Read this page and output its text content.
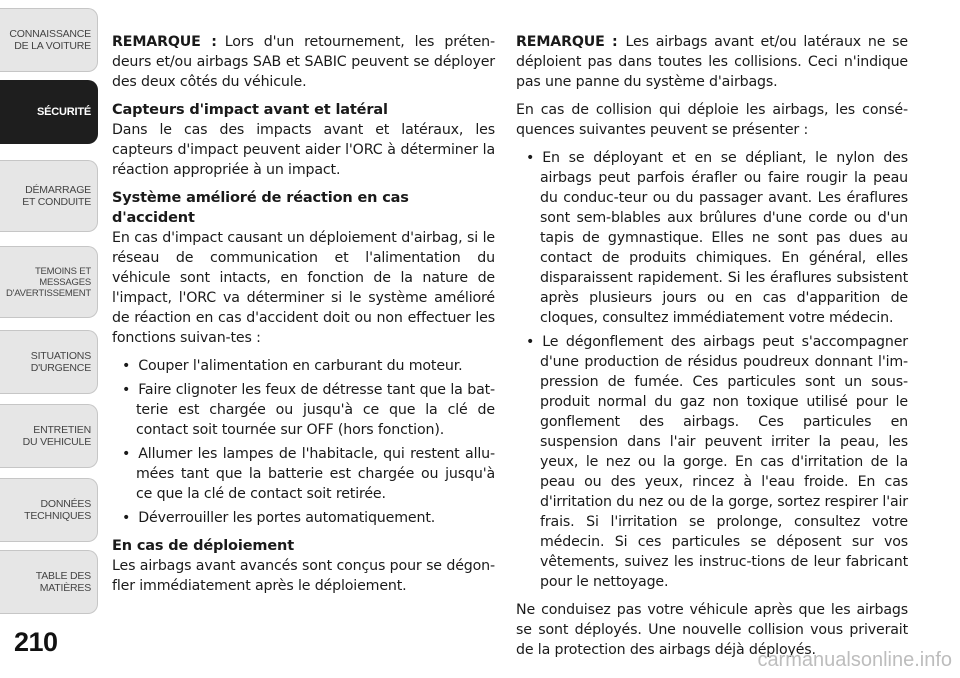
CONNAISSANCE
DE LA VOITURE
SÉCURITÉ
DÉMARRAGE
ET CONDUITE
TEMOINS ET
MESSAGES
D'AVERTISSEMENT
SITUATIONS
D'URGENCE
ENTRETIEN
DU VEHICULE
DONNÉES
TECHNIQUES
TABLE DES
MATIÈRES
210

REMARQUE : Lors d'un retournement, les préten-deurs et/ou airbags SAB et SABIC peuvent se déployer des deux côtés du véhicule.

Capteurs d'impact avant et latéral

Dans le cas des impacts avant et latéraux, les capteurs d'impact peuvent aider l'ORC à déterminer la réaction appropriée à un impact.

Système amélioré de réaction en cas d'accident

En cas d'impact causant un déploiement d'airbag, si le réseau de communication et l'alimentation du véhicule sont intacts, en fonction de la nature de l'impact, l'ORC va déterminer si le système amélioré de réaction en cas d'accident doit ou non effectuer les fonctions suivan-tes :

• Couper l'alimentation en carburant du moteur.
• Faire clignoter les feux de détresse tant que la bat-terie est chargée ou jusqu'à ce que la clé de contact soit tournée sur OFF (hors fonction).
• Allumer les lampes de l'habitacle, qui restent allu-mées tant que la batterie est chargée ou jusqu'à ce que la clé de contact soit retirée.
• Déverrouiller les portes automatiquement.
En cas de déploiement

Les airbags avant avancés sont conçus pour se dégon-fler immédiatement après le déploiement.

REMARQUE : Les airbags avant et/ou latéraux ne se déploient pas dans toutes les collisions. Ceci n'indique pas une panne du système d'airbags.

En cas de collision qui déploie les airbags, les consé-quences suivantes peuvent se présenter :

• En se déployant et en se dépliant, le nylon des airbags peut parfois érafler ou faire rougir la peau du conduc-teur ou du passager avant. Les éraflures sont sem-blables aux brûlures d'une corde ou d'un tapis de gymnastique. Elles ne sont pas dues au contact de produits chimiques. En général, elles disparaissent rapidement. Si les éraflures subsistent après plusieurs jours ou en cas d'apparition de cloques, consultez immédiatement votre médecin.
• Le dégonflement des airbags peut s'accompagner d'une production de résidus poudreux donnant l'im-pression de fumée. Ces particules sont un sous-produit normal du gaz non toxique utilisé pour le gonflement des airbags. Ces particules en suspension dans l'air peuvent irriter la peau, les yeux, le nez ou la gorge. En cas d'irritation de la peau ou des yeux, rincez à l'eau froide. En cas d'irritation du nez ou de la gorge, sortez respirer l'air frais. Si l'irritation se prolonge, consultez votre médecin. Si ces particules se déposent sur vos vêtements, suivez les instruc-tions de leur fabricant pour le nettoyage.

Ne conduisez pas votre véhicule après que les airbags se sont déployés. Une nouvelle collision vous priverait de la protection des airbags déjà déployés.

carmanualsonline.info
